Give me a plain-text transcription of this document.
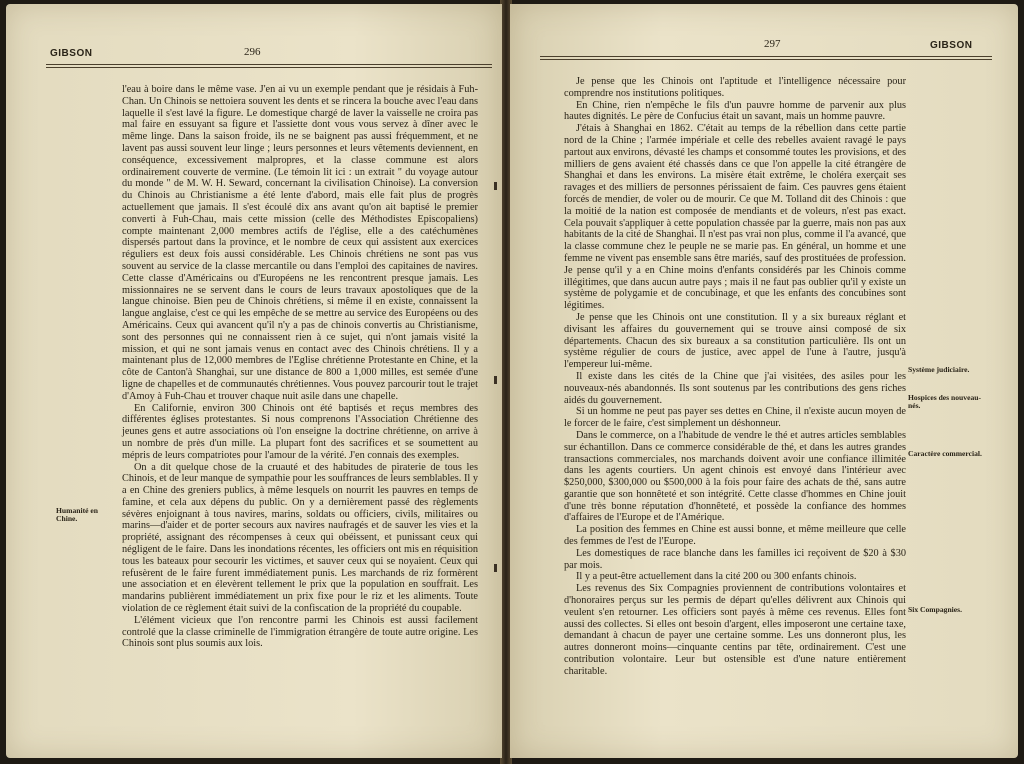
GIBSON	296
Humanité en Chine.

l'eau à boire dans le même vase. J'en ai vu un exemple pendant que je résidais à Fuh-Chan. Un Chinois se nettoiera souvent les dents et se rincera la bouche avec l'eau dans laquelle il s'est lavé la figure. Le domestique chargé de laver la vaisselle ne croira pas mal faire en essuyant sa figure et l'assiette dont vous vous servez à dîner avec le même linge. Dans la saison froide, ils ne se baignent pas aussi fréquemment, et ne lavent pas aussi souvent leur linge ; leurs personnes et leurs vêtements deviennent, en conséquence, excessivement malpropres, et la classe commune est alors ordinairement couverte de vermine. (Le témoin lit ici : un extrait " du voyage autour du monde " de M. W. H. Seward, concernant la civilisation Chinoise). La conversion du Chinois au Christianisme a été lente d'abord, mais elle fait plus de progrès actuellement que jamais. Il s'est écoulé dix ans avant qu'on ait baptisé le premier converti à Fuh-Chau, mais cette mission (celle des Méthodistes Episcopaliens) compte maintenant 2,000 membres actifs de l'église, elle a des catéchumènes dispersés partout dans la province, et le nombre de ceux qui assistent aux exercices réguliers est deux fois aussi considérable. Les Chinois chrétiens ne sont pas vus souvent au service de la classe mercantile ou dans l'emploi des capitaines de navires. Cette classe d'Américains ou d'Européens ne les rencontrent presque jamais. Les missionnaires ne se servent dans le cours de leurs travaux apostoliques que de la langue chinoise. Bien peu de Chinois chrétiens, si même il en existe, connaissent la langue anglaise, c'est ce qui les empêche de se mettre au service des Européens ou des Américains. Ceux qui avancent qu'il n'y a pas de chinois convertis au Christianisme, sont des personnes qui ne connaissent rien à ce sujet, qui n'ont jamais visité la mission, et qui ne sont jamais venus en contact avec des Chinois chrétiens. Il y a maintenant plus de 12,000 membres de l'Eglise chrétienne Protestante en Chine, et la côte de Canton'à Shanghai, sur une distance de 800 a 1,000 milles, est semée d'une ligne de chapelles et de communautés chrétiennes. Vous pouvez parcourir tout le trajet d'Amoy à Fuh-Chau et trouver chaque nuit asile dans une chapelle.

En Californie, environ 300 Chinois ont été baptisés et reçus membres des différentes églises protestantes. Si nous comprenons l'Association Chrétienne des jeunes gens et autre associations où l'on enseigne la doctrine chrétienne, on arrive à un nombre de près d'un mille. La plupart font des sacrifices et se soumettent au mépris de leurs compatriotes pour l'amour de la vérité. J'en connais des exemples.

On a dit quelque chose de la cruauté et des habitudes de piraterie de tous les Chinois, et de leur manque de sympathie pour les souffrances de leurs semblables. Il y a en Chine des greniers publics, à même lesquels on nourrit les pauvres en temps de famine, et cela aux dépens du public. On y a dernièrement passé des règlements sévères enjoignant à tous navires, marins, soldats ou officiers, civils, militaires ou marins—d'aider et de porter secours aux navires naufragés et de sauver les vies et la propriété, assignant des récompenses à ceux qui obéissent, et punissant ceux qui négligent de le faire. Dans les inondations récentes, les officiers ont mis en réquisition tous les bateaux pour secourir les victimes, et sauver ceux qui se noyaient. Ceux qui refusèrent de le faire furent immédiatement punis. Les marchands de riz formèrent une association et en élevèrent tellement le prix que la population en souffrait. Les mandarins publièrent immédiatement un prix fixe pour le riz et les aliments. Toute violation de ce règlement était suivi de la confiscation de la propriété du coupable.

L'élément vicieux que l'on rencontre parmi les Chinois est aussi facilement controlé que la classe criminelle de l'immigration étrangère de toute autre origine. Les Chinois sont plus soumis aux lois.

297	GIBSON

Je pense que les Chinois ont l'aptitude et l'intelligence nécessaire pour comprendre nos institutions politiques.

En Chine, rien n'empêche le fils d'un pauvre homme de parvenir aux plus hautes dignités. Le père de Confucius était un savant, mais un homme pauvre.

J'étais à Shanghai en 1862. C'était au temps de la rébellion dans cette partie nord de la Chine ; l'armée impériale et celle des rebelles avaient ravagé le pays partout aux environs, dévasté les champs et consommé toutes les provisions, et des milliers de gens avaient été chassés dans ce que l'on appelle la cité étrangère de Shanghai et dans les environs. La misère était extrême, le choléra exerçait ses ravages et des milliers de personnes périssaient de faim. Ces pauvres gens étaient forcés de mendier, de voler ou de mourir. Ce que M. Tolland dit des Chinois : que la moitié de la nation est composée de mendiants et de voleurs, n'est pas exact. Cela pouvait s'appliquer à cette population chassée par la guerre, mais non pas aux habitants de la cité de Shanghai. Il n'est pas vrai non plus, comme il l'a avancé, que la classe commune chez le peuple ne se marie pas. En général, un homme et une femme ne vivent pas ensemble sans être mariés, sauf des prostituées de profession. Je pense qu'il y a en Chine moins d'enfants considérés par les Chinois comme illégitimes, que dans aucun autre pays ; mais il ne faut pas oublier qu'il y existe un système de polygamie et de concubinage, et que les enfants des concubines sont légitimes.

Je pense que les Chinois ont une constitution. Il y a six bureaux réglant et divisant les affaires du gouvernement qui se trouve ainsi composé de six départements. Chacun des six bureaux a sa constitution particulière. Ils ont un système régulier de cours de justice, avec appel de l'une à l'autre, jusqu'à l'empereur lui-même.

Il existe dans les cités de la Chine que j'ai visitées, des asiles pour les nouveaux-nés abandonnés. Ils sont soutenus par les contributions des gens riches aidés du gouvernement.

Si un homme ne peut pas payer ses dettes en Chine, il n'existe aucun moyen de le forcer de le faire, c'est simplement un déshonneur.

Dans le commerce, on a l'habitude de vendre le thé et autres articles semblables sur échantillon. Dans ce commerce considérable de thé, et dans les autres grandes transactions commerciales, nos marchands doivent avoir une confiance illimitée dans les agents courtiers. Un agent chinois est envoyé dans l'intérieur avec $250,000, $300,000 ou $500,000 à la fois pour faire des achats de thé, sans autre garantie que son honnêteté et son intégrité. Cette classe d'hommes en Chine jouit d'une très bonne réputation d'honnêteté, et possède la confiance des hommes d'affaires de l'Europe et de l'Amérique.

La position des femmes en Chine est aussi bonne, et même meilleure que celle des femmes de l'est de l'Europe.

Les domestiques de race blanche dans les familles ici reçoivent de $20 à $30 par mois.

Il y a peut-être actuellement dans la cité 200 ou 300 enfants chinois.

Les revenus des Six Compagnies proviennent de contributions volontaires et d'honoraires perçus sur les permis de départ qu'elles délivrent aux Chinois qui veulent s'en retourner. Les officiers sont payés à même ces revenus. Elles font aussi des collectes. Si elles ont besoin d'argent, elles imposeront une certaine taxe, demandant à chacun de payer une certaine somme. Les uns donneront plus, les autres donneront moins—cinquante centins par tête, ordinairement. C'est une contribution volontaire. Leur but ostensible est d'une nature entièrement charitable.

Système judiciaire.
Hospices des nouveau-nés.
Caractère commercial.
Six Compagnies.
